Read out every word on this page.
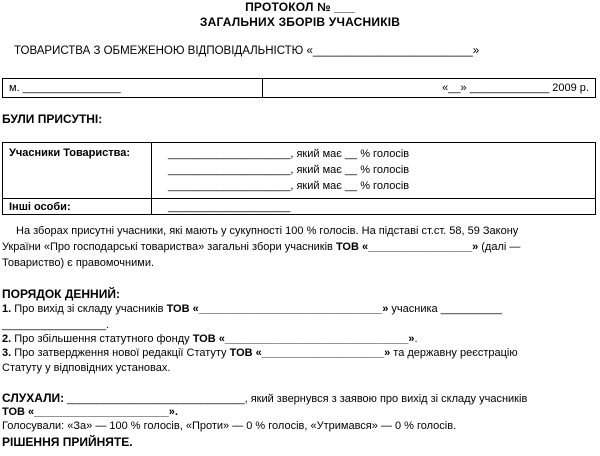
ПРОТОКОЛ № ___
ЗАГАЛЬНИХ ЗБОРІВ УЧАСНИКІВ
ТОВАРИСТВА З ОБМЕЖЕНОЮ ВІДПОВІДАЛЬНІСТЮ «_________________________»
м. ________________	«__» _____________ 2009 р.
БУЛИ ПРИСУТНІ:
Учасники Товариства:	____________________, який має __ % голосів
____________________, який має __ % голосів
____________________, який має __ % голосів

Інші особи:	____________________
На зборах присутні учасники, які мають у сукупності 100 % голосів. На підставі ст.ст. 58, 59 Закону
України «Про господарські товариства» загальні збори учасників ТОВ «_________________» (далі —
Товариство) є правомочними.
ПОРЯДОК ДЕННИЙ:
1. Про вихід зі складу учасників ТОВ «______________________________» учасника __________
_________________.
2. Про збільшення статутного фонду ТОВ «______________________________».
3. Про затвердження нової редакції Статуту ТОВ «____________________» та державну реєстрацію
Статуту у відповідних установах.
СЛУХАЛИ: _____________________________, який звернувся з заявою про вихід зі складу учасників
ТОВ «______________________».
Голосували: «За» — 100 % голосів, «Проти» — 0 % голосів, «Утримався» — 0 % голосів.
РІШЕННЯ ПРИЙНЯТЕ.
